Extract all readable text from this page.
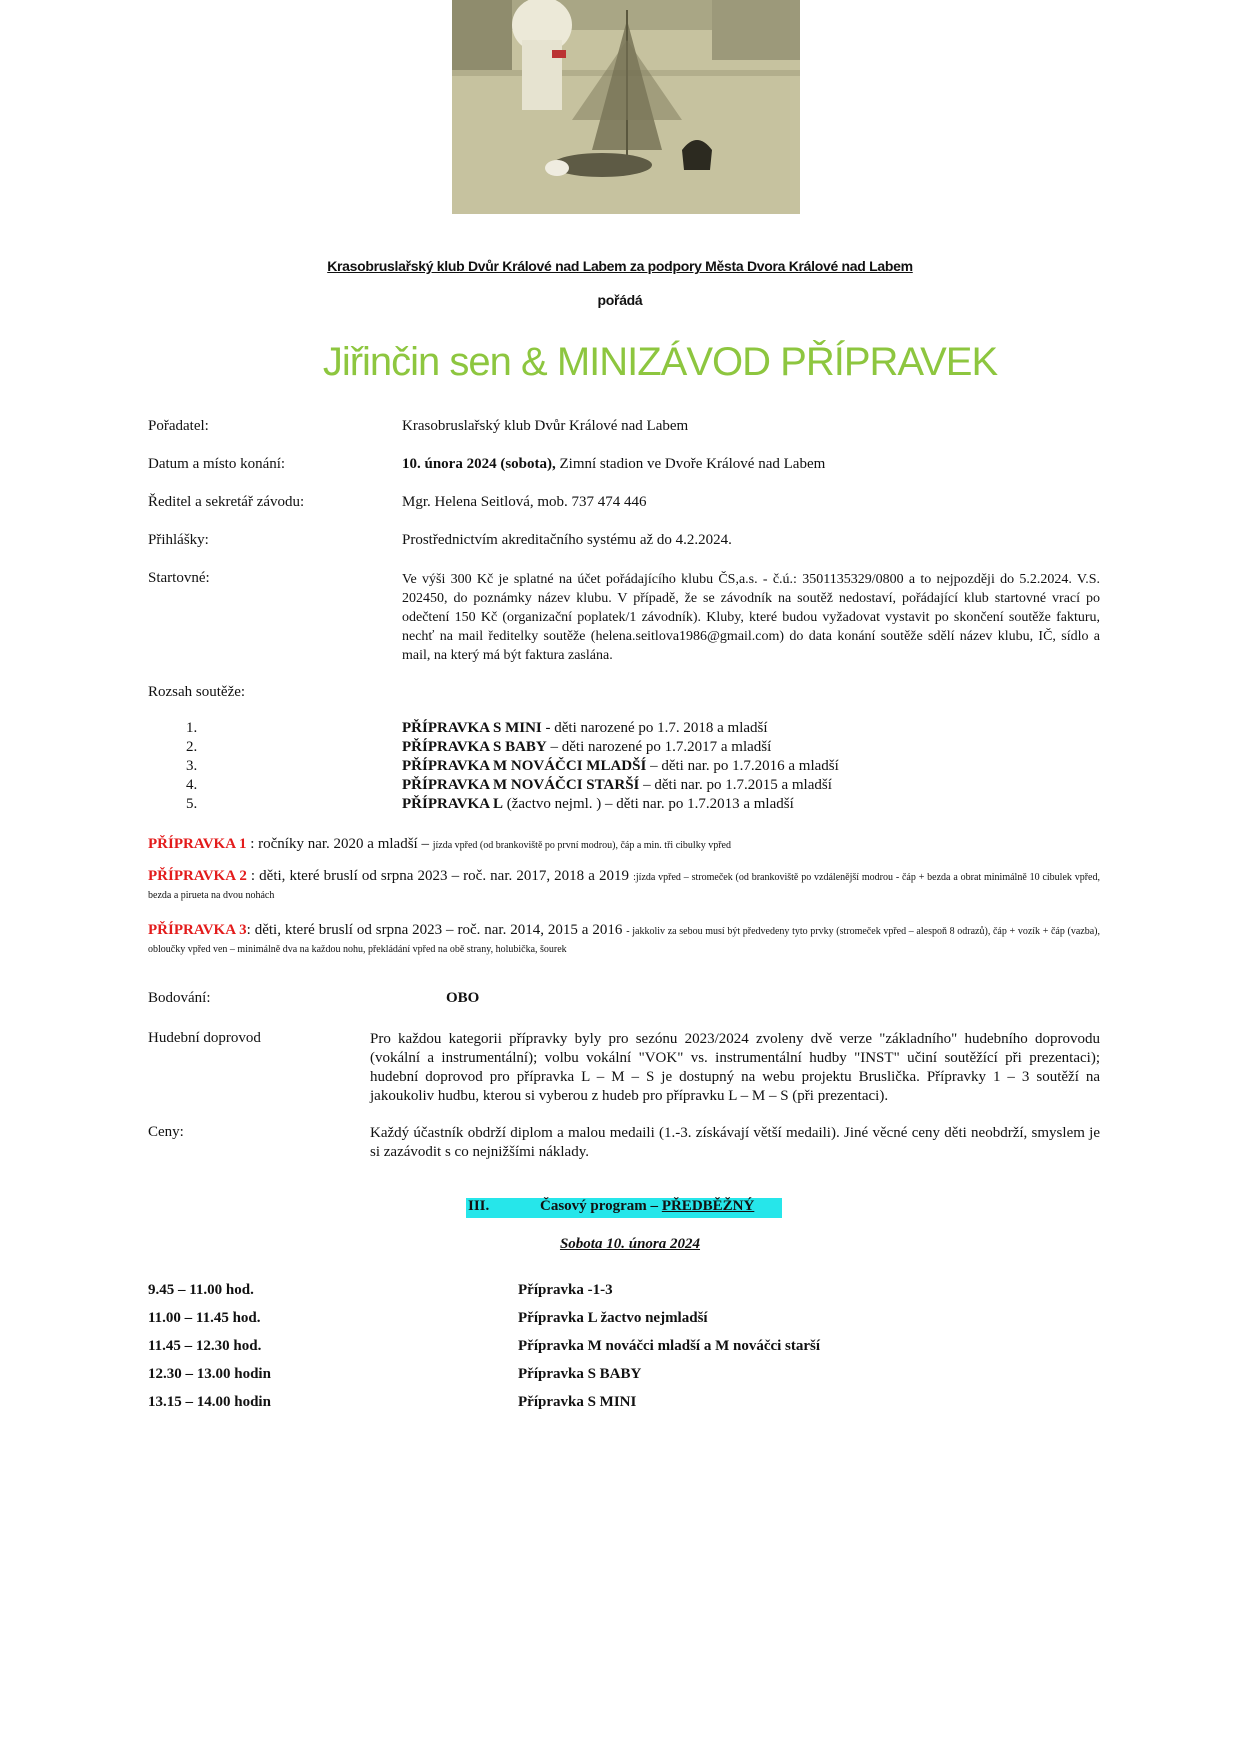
Krasobruslařský klub Dvůr Králové nad Labem za podpory Města Dvora Králové nad Labem
pořádá
Jiřinčin sen & MINIZÁVOD PŘÍPRAVEK
Pořadatel:	Krasobruslařský klub Dvůr Králové nad Labem
Datum a místo konání:	10. února 2024 (sobota), Zimní stadion ve Dvoře Králové nad Labem
Ředitel a sekretář závodu:	Mgr. Helena Seitlová, mob. 737 474 446
Přihlášky:	Prostřednictvím akreditačního systému až do 4.2.2024.
Startovné:	Ve výši 300 Kč je splatné na účet pořádajícího klubu ČS,a.s. - č.ú.: 3501135329/0800 a to nejpozději do 5.2.2024. V.S. 202450, do poznámky název klubu. V případě, že se závodník na soutěž nedostaví, pořádající klub startovné vrací po odečtení 150 Kč (organizační poplatek/1 závodník). Kluby, které budou vyžadovat vystavit po skončení soutěže fakturu, nechť na mail ředitelky soutěže (helena.seitlova1986@gmail.com) do data konání soutěže sdělí název klubu, IČ, sídlo a mail, na který má být faktura zaslána.
Rozsah soutěže:
1.	PŘÍPRAVKA S MINI - děti narozené po 1.7. 2018 a mladší
2.	PŘÍPRAVKA S BABY – děti narozené po 1.7.2017 a mladší
3.	PŘÍPRAVKA M NOVÁČCI MLADŠÍ – děti nar. po 1.7.2016 a mladší
4.	PŘÍPRAVKA M NOVÁČCI STARŠÍ – děti nar. po 1.7.2015 a mladší
5.	PŘÍPRAVKA L (žactvo nejml. ) – děti nar. po 1.7.2013 a mladší
PŘÍPRAVKA 1 : ročníky nar. 2020 a mladší – jízda vpřed (od brankoviště po první modrou), čáp a min. tři cibulky vpřed
PŘÍPRAVKA 2 : děti, které bruslí od srpna 2023 – roč. nar. 2017, 2018 a 2019 :jízda vpřed – stromeček (od brankoviště po vzdálenější modrou - čáp + bezda a obrat minimálně 10 cibulek vpřed, bezda a pirueta na dvou nohách
PŘÍPRAVKA 3: děti, které bruslí od srpna 2023 – roč. nar. 2014, 2015 a 2016 - jakkoliv za sebou musí být předvedeny tyto prvky (stromeček vpřed – alespoň 8 odrazů), čáp + vozík + čáp (vazba), obloučky vpřed ven – minimálně dva na každou nohu, překládání vpřed na obě strany, holubička, šourek
Bodování:	OBO
Hudební doprovod	Pro každou kategorii přípravky byly pro sezónu 2023/2024 zvoleny dvě verze "základního" hudebního doprovodu (vokální a instrumentální); volbu vokální "VOK" vs. instrumentální hudby "INST" učiní soutěžící při prezentaci); hudební doprovod pro přípravka L – M – S je dostupný na webu projektu Bruslička. Přípravky 1 – 3 soutěží na jakoukoliv hudbu, kterou si vyberou z hudeb pro přípravku L – M – S (při prezentaci).
Ceny:	Každý účastník obdrží diplom a malou medaili (1.-3. získávají větší medaili). Jiné věcné ceny děti neobdrží, smyslem je si zazávodit s co nejnižšími náklady.
III.	Časový program – PŘEDBĚŽNÝ
Sobota 10. února 2024
9.45 – 11.00 hod.	Přípravka -1-3
11.00 – 11.45 hod.	Přípravka L žactvo nejmladší
11.45 – 12.30 hod.	Přípravka M nováčci mladší a M nováčci starší
12.30 – 13.00 hodin	Přípravka S BABY
13.15 – 14.00 hodin	Přípravka S MINI
